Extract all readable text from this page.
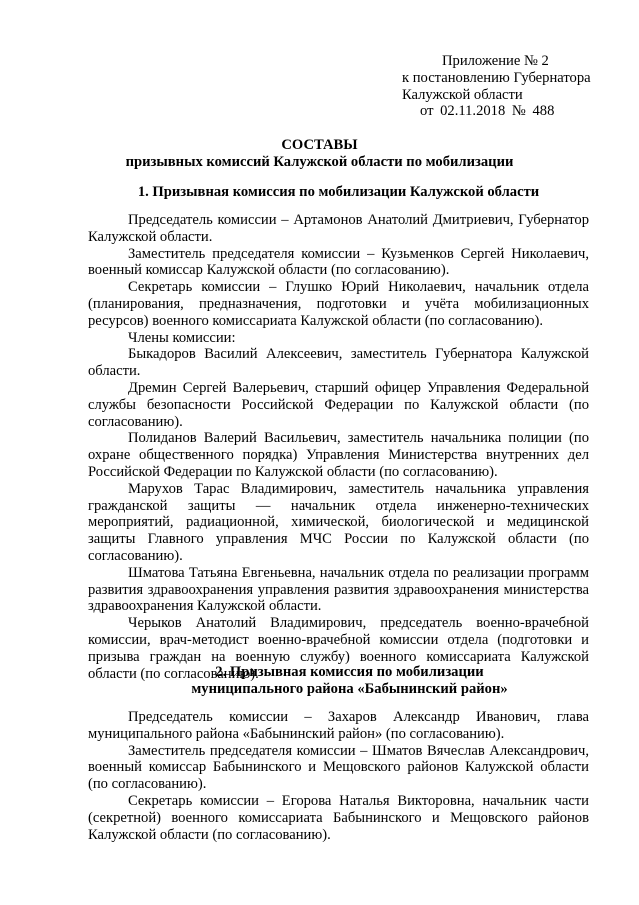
Приложение № 2
к постановлению Губернатора
Калужской области
от 02.11.2018 № 488
СОСТАВЫ
призывных комиссий Калужской области по мобилизации
1. Призывная комиссия по мобилизации Калужской области

Председатель комиссии – Артамонов Анатолий Дмитриевич, Губернатор Калужской области.

Заместитель председателя комиссии – Кузьменков Сергей Николаевич, военный комиссар Калужской области (по согласованию).

Секретарь комиссии – Глушко Юрий Николаевич, начальник отдела (планирования, предназначения, подготовки и учёта мобилизационных ресурсов) военного комиссариата Калужской области (по согласованию).

Члены комиссии:

Быкадоров Василий Алексеевич, заместитель Губернатора Калужской области.

Дремин Сергей Валерьевич, старший офицер Управления Федеральной службы безопасности Российской Федерации по Калужской области (по согласованию).

Полиданов Валерий Васильевич, заместитель начальника полиции (по охране общественного порядка) Управления Министерства внутренних дел Российской Федерации по Калужской области (по согласованию).

Марухов Тарас Владимирович, заместитель начальника управления гражданской защиты — начальник отдела инженерно-технических мероприятий, радиационной, химической, биологической и медицинской защиты Главного управления МЧС России по Калужской области (по согласованию).

Шматова Татьяна Евгеньевна, начальник отдела по реализации программ развития здравоохранения управления развития здравоохранения министерства здравоохранения Калужской области.

Черыков Анатолий Владимирович, председатель военно-врачебной комиссии, врач-методист военно-врачебной комиссии отдела (подготовки и призыва граждан на военную службу) военного комиссариата Калужской области (по согласованию).

2. Призывная комиссия по мобилизации
муниципального района «Бабынинский район»

Председатель комиссии – Захаров Александр Иванович, глава муниципального района «Бабынинский район» (по согласованию).

Заместитель председателя комиссии – Шматов Вячеслав Александрович, военный комиссар Бабынинского и Мещовского районов Калужской области (по согласованию).

Секретарь комиссии – Егорова Наталья Викторовна, начальник части (секретной) военного комиссариата Бабынинского и Мещовского районов Калужской области (по согласованию).
